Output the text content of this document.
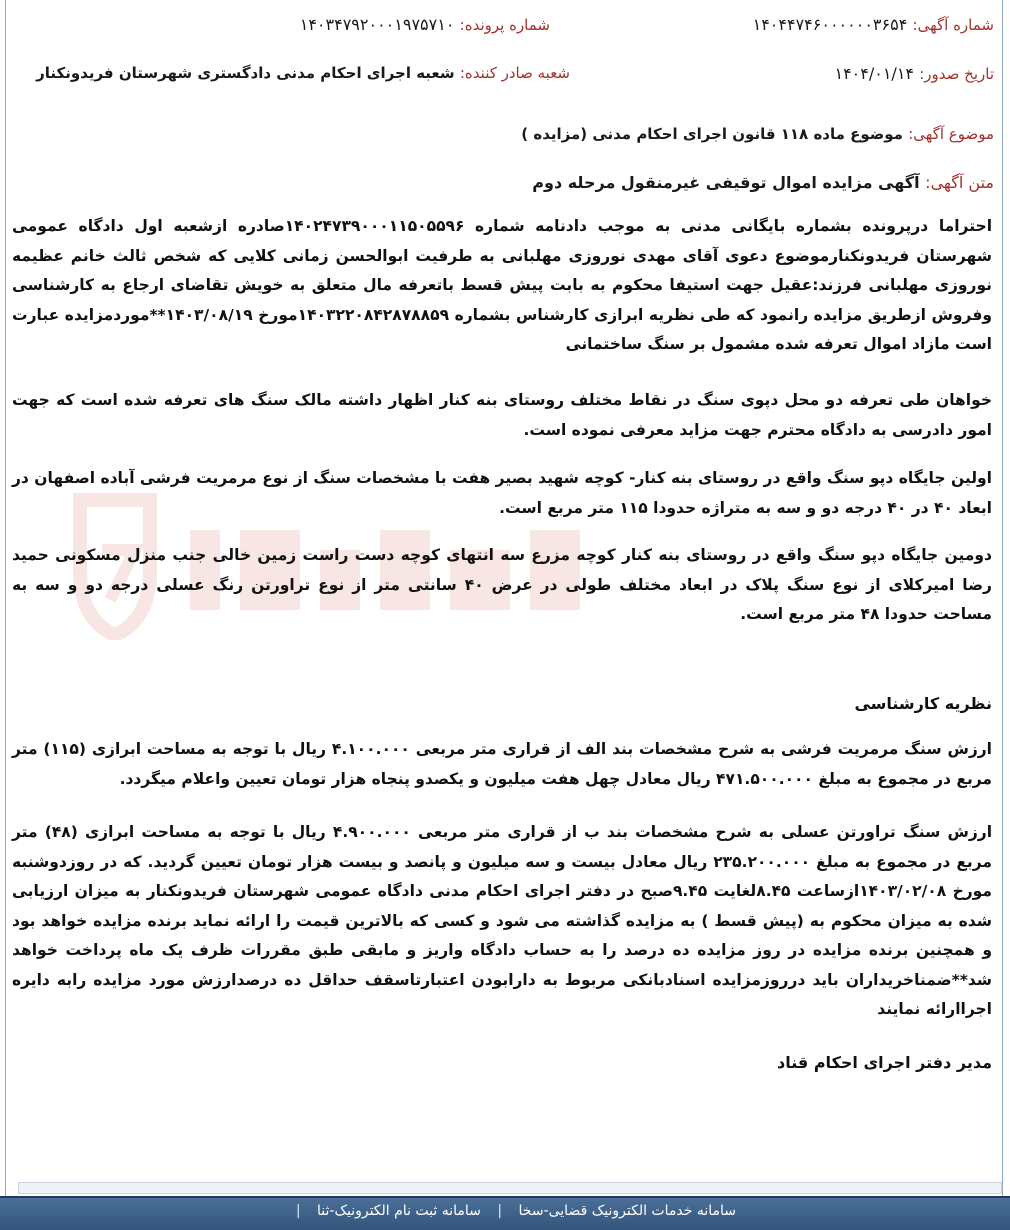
شماره آگهی: ۱۴۰۴۴۷۴۶۰۰۰۰۰۰۳۶۵۴
شماره پرونده: ۱۴۰۳۴۷۹۲۰۰۰۱۹۷۵۷۱۰
تاریخ صدور: ۱۴۰۴/۰۱/۱۴
شعبه صادر کننده: شعبه اجرای احکام مدنی دادگستری شهرستان فریدونکنار
موضوع آگهی: موضوع ماده ۱۱۸ قانون اجرای احکام مدنی (مزایده )
متن آگهی: آگهی مزایده اموال توقیفی غیرمنقول مرحله دوم

احتراما درپرونده بشماره بایگانی مدنی به موجب دادنامه شماره ۱۴۰۲۴۷۳۹۰۰۰۱۱۵۰۵۵۹۶صادره ازشعبه اول دادگاه عمومی شهرستان فریدونکنارموضوع دعوی آقای مهدی نوروزی مهلبانی به طرفیت ابوالحسن زمانی کلایی که شخص ثالث خانم عظیمه نوروزی مهلبانی فرزند:عقیل جهت استیفا محکوم به بابت پیش قسط باتعرفه مال متعلق به خویش تقاضای ارجاع به کارشناسی وفروش ازطریق مزایده رانمود که طی نظریه ابرازی کارشناس بشماره ۱۴۰۳۲۲۰۸۴۲۸۷۸۸۵۹مورخ ۱۴۰۳/۰۸/۱۹**موردمزایده عبارت است مازاد اموال تعرفه شده مشمول بر سنگ ساختمانی

خواهان طی تعرفه دو محل دپوی سنگ در نقاط مختلف روستای بنه کنار اظهار داشته مالک سنگ های تعرفه شده است که جهت امور دادرسی به دادگاه محترم جهت مزاید معرفی نموده است.

اولین جایگاه دپو سنگ واقع در روستای بنه کنار- کوچه شهید بصیر هفت با مشخصات سنگ از نوع مرمریت فرشی آباده اصفهان در ابعاد ۴۰ در ۴۰ درجه دو و سه به متراژه حدودا ۱۱۵ متر مربع است.

دومین جایگاه دپو سنگ واقع در روستای بنه کنار کوچه مزرع سه انتهای کوچه دست راست زمین خالی جنب منزل مسکونی حمید رضا امیرکلای از نوع سنگ پلاک در ابعاد مختلف طولی در عرض ۴۰ سانتی متر از نوع تراورتن رنگ عسلی درجه دو و سه به مساحت حدودا ۴۸ متر مربع است.

نظریه کارشناسی

ارزش سنگ مرمریت فرشی به شرح مشخصات بند الف از قراری متر مربعی ۴.۱۰۰.۰۰۰ ریال با توجه به مساحت ابرازی (۱۱۵) متر مربع در مجموع به مبلغ ۴۷۱.۵۰۰.۰۰۰ ریال معادل چهل هفت میلیون و یکصدو پنجاه هزار تومان تعیین واعلام میگردد.

ارزش سنگ تراورتن عسلی به شرح مشخصات بند ب از قراری متر مربعی ۴.۹۰۰.۰۰۰ ریال با توجه به مساحت ابرازی (۴۸) متر مربع در مجموع به مبلغ ۲۳۵.۲۰۰.۰۰۰ ریال معادل بیست و سه میلیون و پانصد و بیست هزار تومان تعیین گردید. که در روزدوشنبه مورخ ۱۴۰۳/۰۲/۰۸ازساعت ۸.۴۵لغایت ۹.۴۵صبح در دفتر اجرای احکام مدنی دادگاه عمومی شهرستان فریدونکنار به میزان ارزیابی شده به میزان محکوم به (پیش قسط ) به مزایده گذاشته می شود و کسی که بالاترین قیمت را ارائه نماید برنده مزایده خواهد بود و همچنین برنده مزایده در روز مزایده ده درصد را به حساب دادگاه واریز و مابقی طبق مقررات ظرف یک ماه پرداخت خواهد شد**ضمناخریداران باید درروزمزایده اسنادبانکی مربوط به دارابودن اعتبارتاسقف حداقل ده درصدارزش مورد مزایده رابه دایره اجراارائه نمایند

مدیر دفتر اجرای احکام قناد
سامانه خدمات الکترونیک قضایی-سخا | سامانه ثبت نام الکترونیک-ثنا |
